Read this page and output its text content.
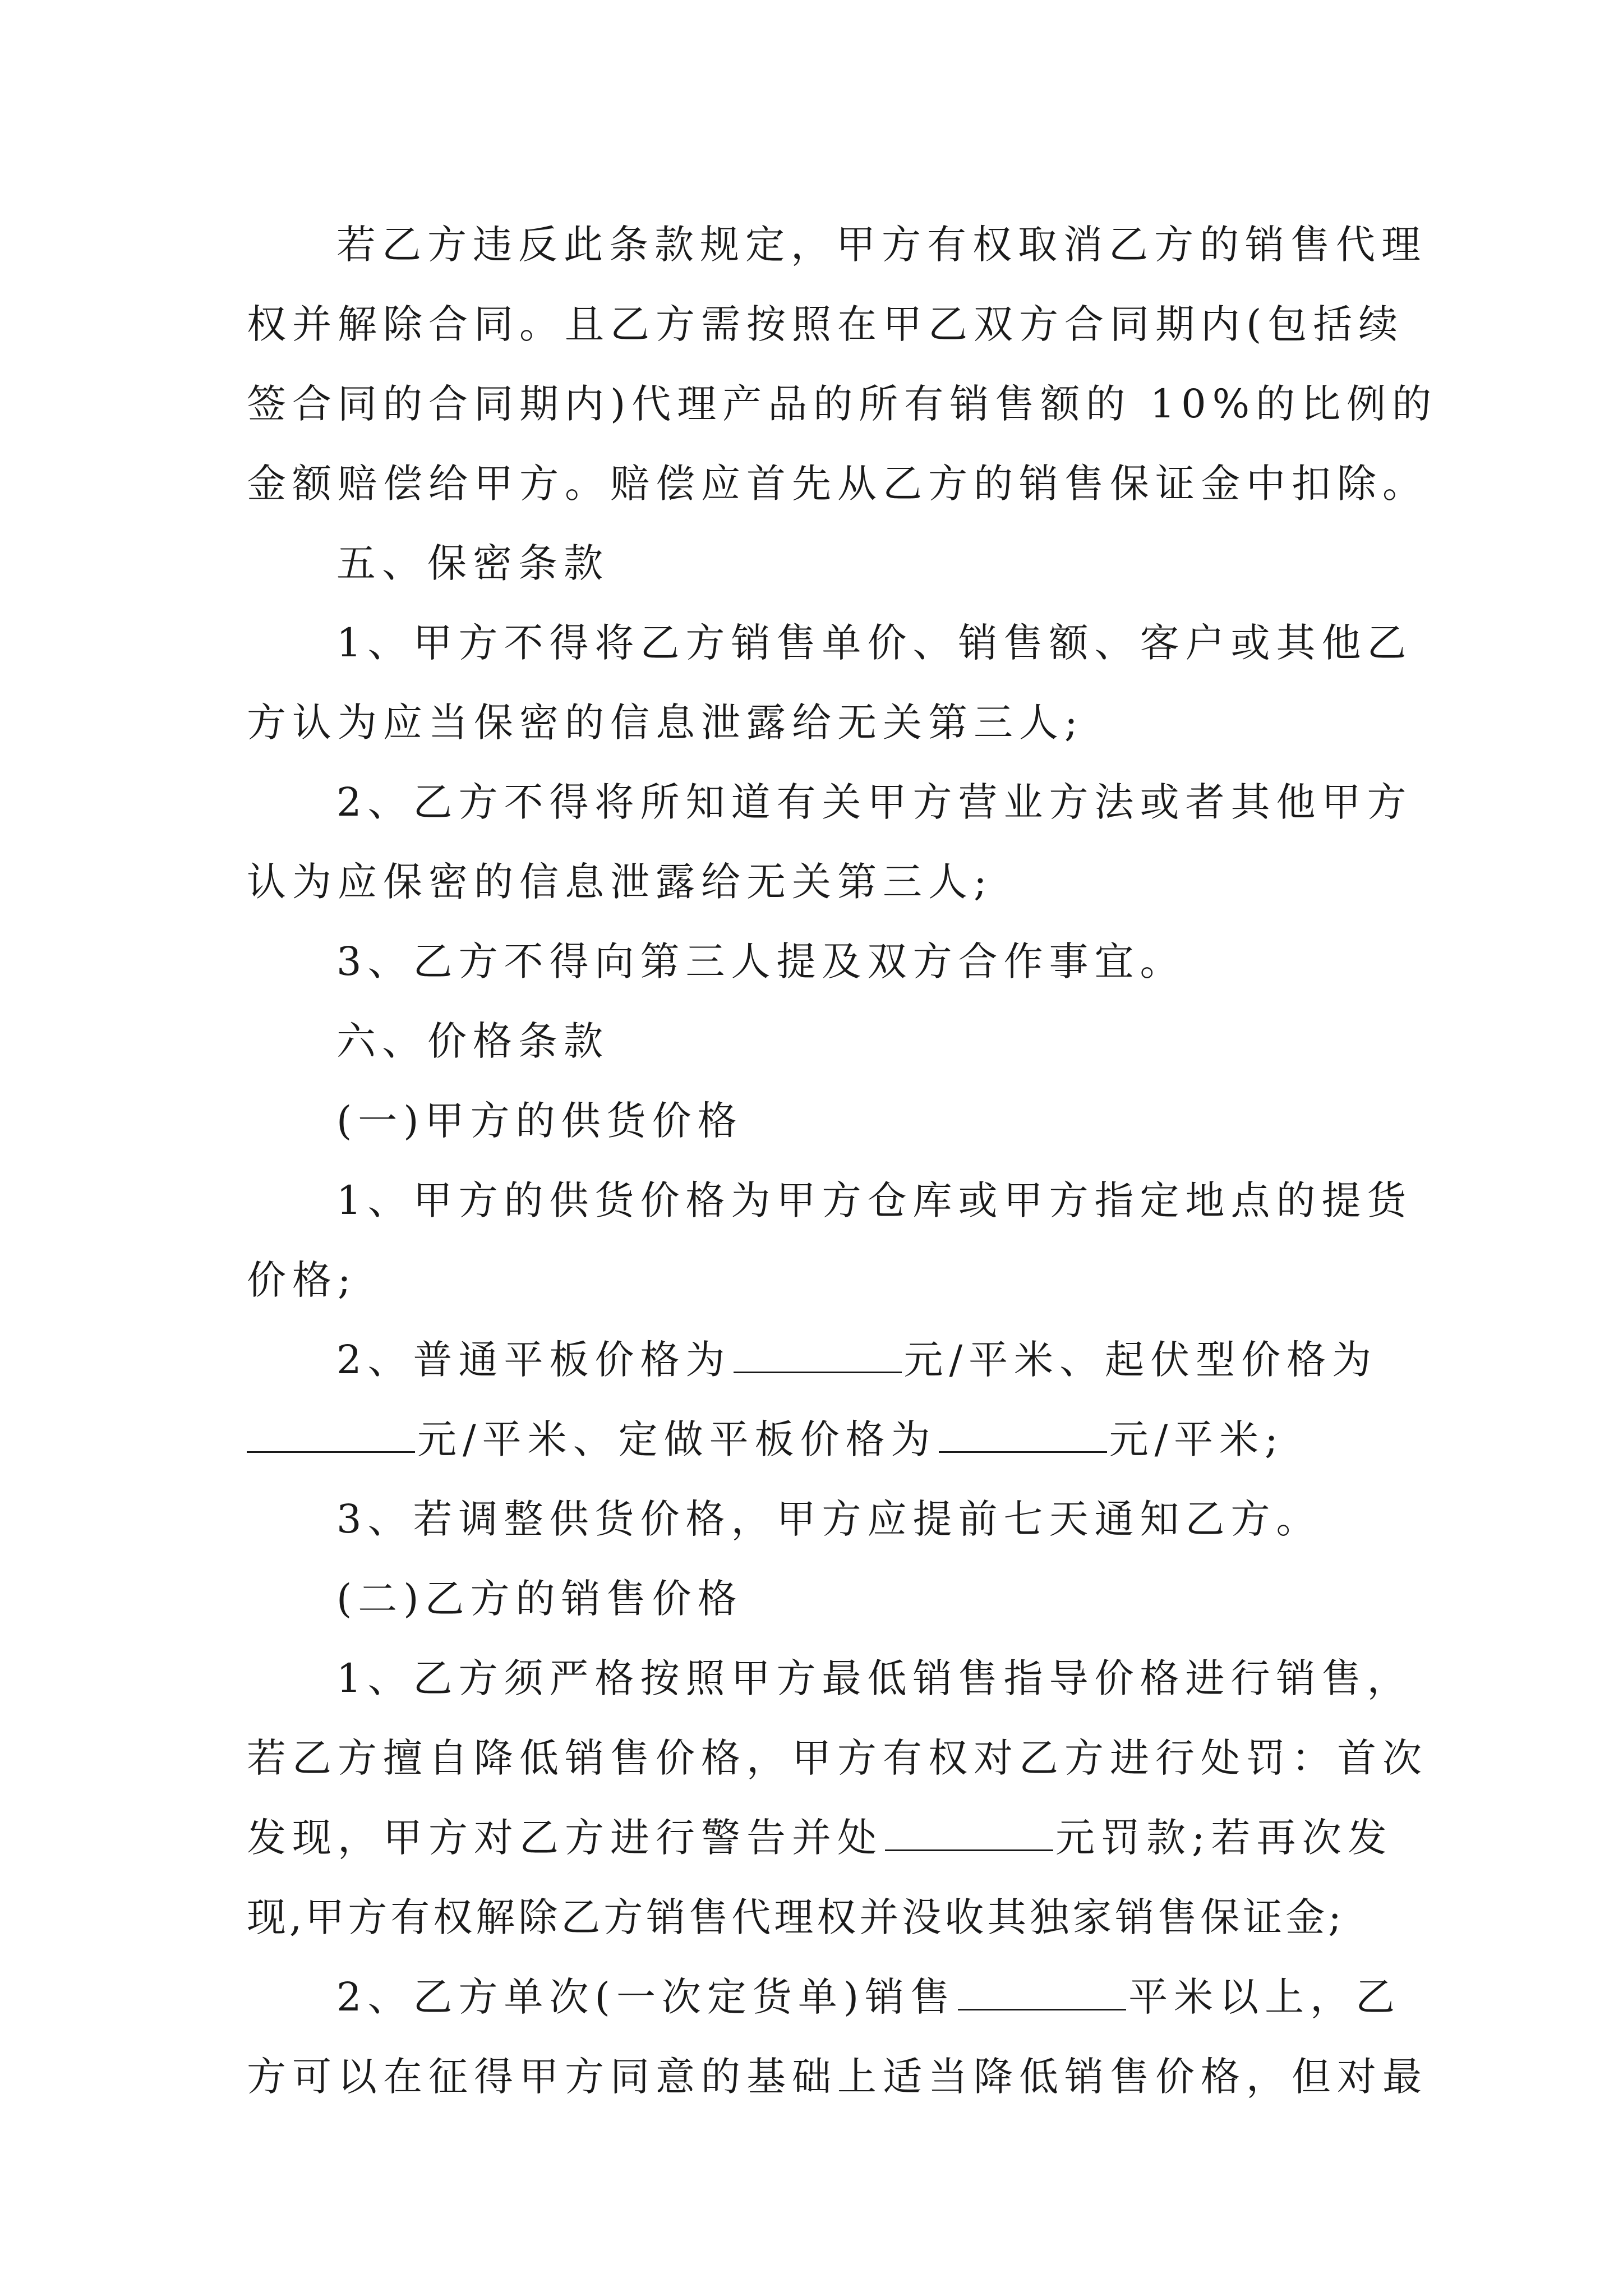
若乙方违反此条款规定，甲方有权取消乙方的销售代理
权并解除合同。且乙方需按照在甲乙双方合同期内(包括续
签合同的合同期内)代理产品的所有销售额的 10%的比例的
金额赔偿给甲方。赔偿应首先从乙方的销售保证金中扣除。
五、保密条款
1、甲方不得将乙方销售单价、销售额、客户或其他乙
方认为应当保密的信息泄露给无关第三人;
2、乙方不得将所知道有关甲方营业方法或者其他甲方
认为应保密的信息泄露给无关第三人;
3、乙方不得向第三人提及双方合作事宜。
六、价格条款
(一)甲方的供货价格
1、甲方的供货价格为甲方仓库或甲方指定地点的提货
价格;
2、普通平板价格为	元/平米、起伏型价格为
元/平米、定做平板价格为	元/平米;
3、若调整供货价格，甲方应提前七天通知乙方。
(二)乙方的销售价格
1、乙方须严格按照甲方最低销售指导价格进行销售，
若乙方擅自降低销售价格，甲方有权对乙方进行处罚：首次
发现，甲方对乙方进行警告并处	元罚款;若再次发
现,甲方有权解除乙方销售代理权并没收其独家销售保证金;
2、乙方单次(一次定货单)销售	平米以上，乙
方可以在征得甲方同意的基础上适当降低销售价格，但对最
